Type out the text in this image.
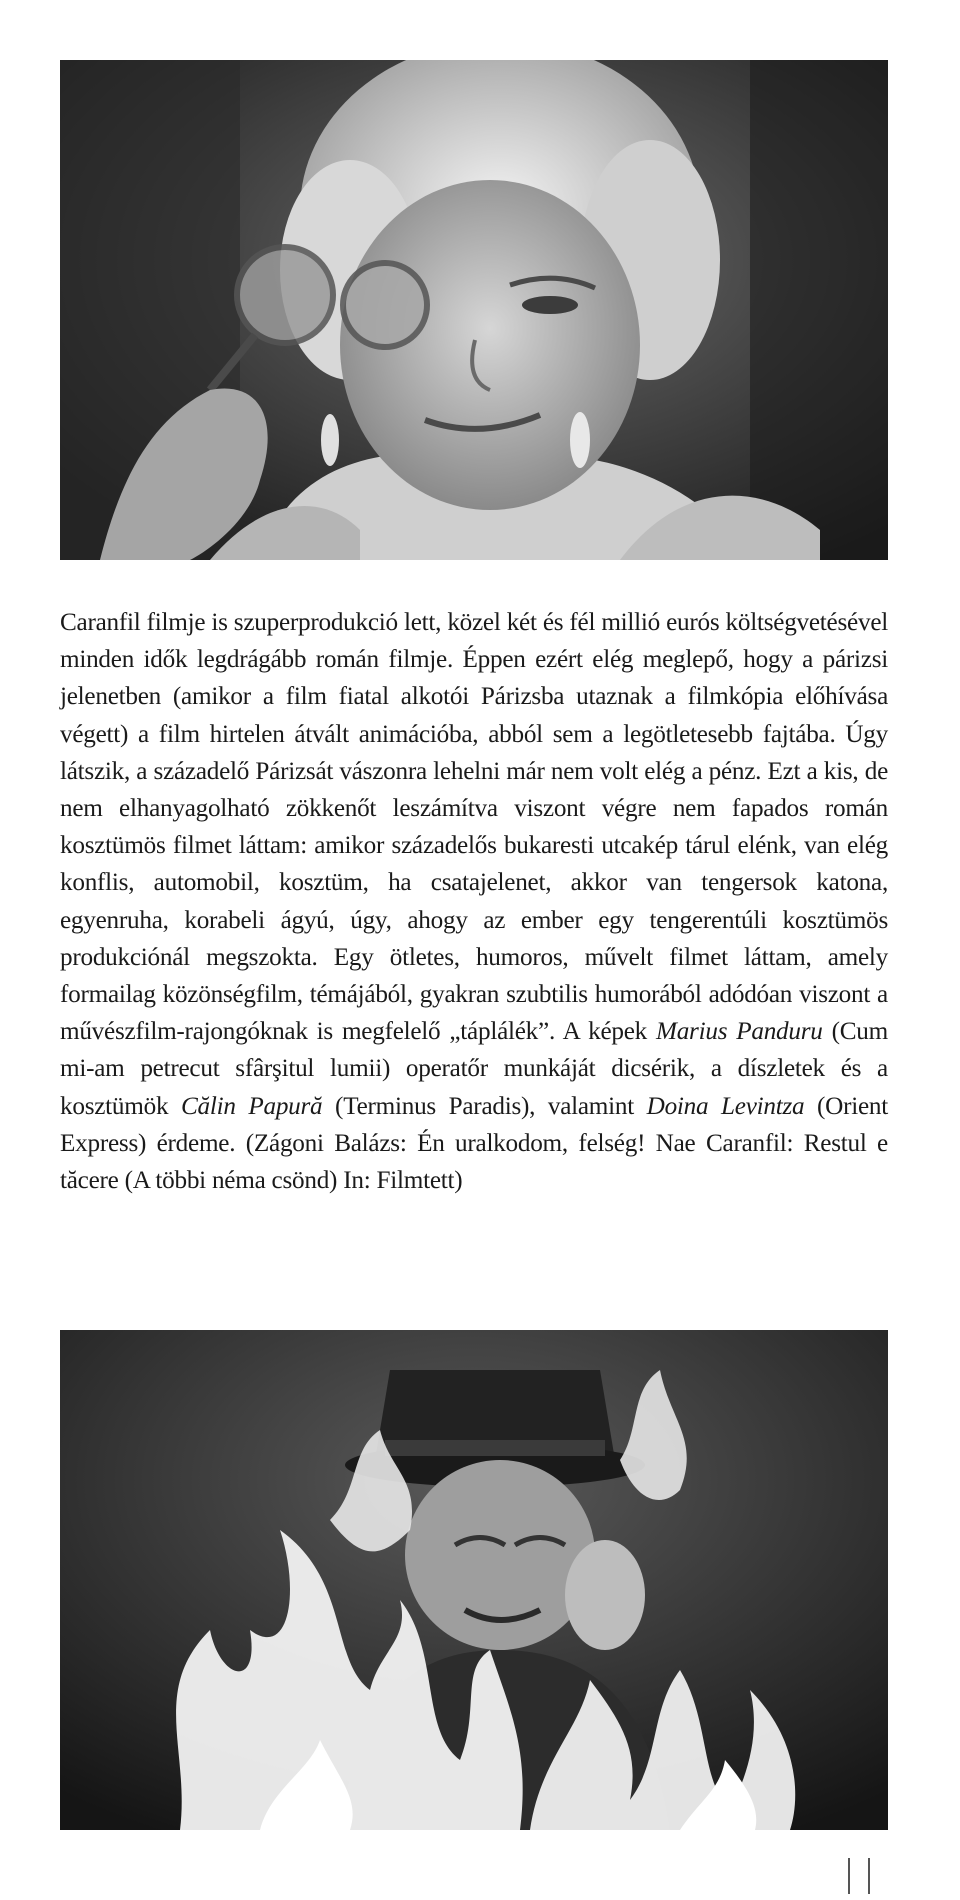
Caranfil filmje is szuperprodukció lett, közel két és fél millió eurós költségvetésével minden idők legdrágább román filmje. Éppen ezért elég meglepő, hogy a párizsi jelenetben (amikor a film fiatal alkotói Párizsba utaznak a filmkópia előhívása végett) a film hirtelen átvált animációba, abból sem a legötletesebb fajtába. Úgy látszik, a századelő Párizsát vászonra lehelni már nem volt elég a pénz. Ezt a kis, de nem elhanyagolható zökkenőt leszámítva viszont végre nem fapados román kosztümös filmet láttam: amikor századelős bukaresti utcakép tárul elénk, van elég konflis, automobil, kosztüm, ha csatajelenet, akkor van tengersok katona, egyenruha, korabeli ágyú, úgy, ahogy az ember egy tengerentúli kosztümös produkciónál megszokta. Egy ötletes, humoros, művelt filmet láttam, amely formailag közönségfilm, témájából, gyakran szubtilis humorából adódóan viszont a művészfilm-rajongóknak is megfelelő „táplálék”. A képek Marius Panduru (Cum mi-am petrecut sfârşitul lumii) operatőr munkáját dicsérik, a díszletek és a kosztümök Călin Papură (Terminus Paradis), valamint Doina Levintza (Orient Express) érdeme. (Zágoni Balázs: Én uralkodom, felség! Nae Caranfil: Restul e tăcere (A többi néma csönd) In: Filmtett)
